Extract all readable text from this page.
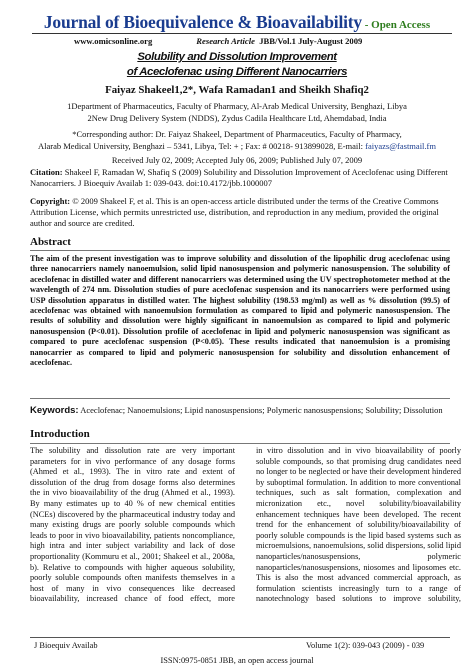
Journal of Bioequivalence & Bioavailability - Open Access
www.omicsonline.org	Research Article JBB/Vol.1 July-August 2009
Solubility and Dissolution Improvement
of Aceclofenac using Different Nanocarriers
Faiyaz Shakeel1,2*, Wafa Ramadan1 and Sheikh Shafiq2
1Department of Pharmaceutics, Faculty of Pharmacy, Al-Arab Medical University, Benghazi, Libya
2New Drug Delivery System (NDDS), Zydus Cadila Healthcare Ltd, Ahemdabad, India
*Corresponding author: Dr. Faiyaz Shakeel, Department of Pharmaceutics, Faculty of Pharmacy,
Alarab Medical University, Benghazi – 5341, Libya, Tel: + ; Fax: # 00218- 913899028, E-mail: faiyazs@fastmail.fm
Received July 02, 2009; Accepted July 06, 2009; Published July 07, 2009
Citation: Shakeel F, Ramadan W, Shafiq S (2009) Solubility and Dissolution Improvement of Aceclofenac using Different Nanocarriers. J Bioequiv Availab 1: 039-043. doi:10.4172/jbb.1000007
Copyright: © 2009 Shakeel F, et al. This is an open-access article distributed under the terms of the Creative Commons Attribution License, which permits unrestricted use, distribution, and reproduction in any medium, provided the original author and source are credited.
Abstract
The aim of the present investigation was to improve solubility and dissolution of the lipophilic drug aceclofenac using three nanocarriers namely nanoemulsion, solid lipid nanosuspension and polymeric nanosuspension. The solubility of aceclofenac in distilled water and different nanocarriers was determined using the UV spectrophotometer method at the wavelength of 274 nm. Dissolution studies of pure aceclofenac suspension and its nanocarriers were performed using USP dissolution apparatus in distilled water. The highest solubility (198.53 mg/ml) as well as % dissolution (99.5) of aceclofenac was obtained with nanoemulsion formulation as compared to lipid and polymeric nanosuspension. The results of solubility and dissolution were highly significant in nanoemulsion as compared to lipid and polymeric nanosuspension (P<0.01). Dissolution profile of aceclofenac in lipid and polymeric nanosuspension was significant as compared to pure aceclofenac suspension (P<0.05). These results indicated that nanoemulsion is a promising nanocarrier as compared to lipid and polymeric nanosuspension for solubility and dissolution enhancement of aceclofenac.
Keywords: Aceclofenac; Nanoemulsions; Lipid nanosuspensions; Polymeric nanosuspensions; Solubility; Dissolution
Introduction
The solubility and dissolution rate are very important parameters for in vivo performance of any dosage forms (Ahmed et al., 1993). The in vitro rate and extent of dissolution of the drug from dosage forms also determines the in vivo bioavailability of the drug (Ahmed et al., 1993). By many estimates up to 40 % of new chemical entities (NCEs) discovered by the pharmaceutical industry today and many existing drugs are poorly soluble compounds which leads to poor in vivo bioavailability, patients noncompliance, high intra and inter subject variability and lack of dose proportionality (Kommuru et al., 2001; Shakeel et al., 2008a, b). Relative to compounds with higher aqueous solubility, poorly soluble compounds often manifests themselves in a host of many in vivo consequences like decreased bioavailability, increased chance of food effect, more
in vitro dissolution and in vivo bioavailability of poorly soluble compounds, so that promising drug candidates need no longer to be neglected or have their development hindered by suboptimal formulation. In addition to more conventional techniques, such as salt formation, complexation and micronization etc., novel solubility/bioavailability enhancement techniques have been developed. The recent trend for the enhancement of solubility/bioavailability of poorly soluble compounds is the lipid based systems such as microemulsions, nanoemulsions, solid dispersions, solid lipid nanoparticles/nanosuspensions, polymeric nanoparticles/nanosuspensions, niosomes and liposomes etc. This is also the most advanced commercial approach, as formulation scientists increasingly turn to a range of nanotechnology based solutions to improve solubility,
J Bioequiv Availab	Volume 1(2): 039-043 (2009) - 039
ISSN:0975-0851 JBB, an open access journal
